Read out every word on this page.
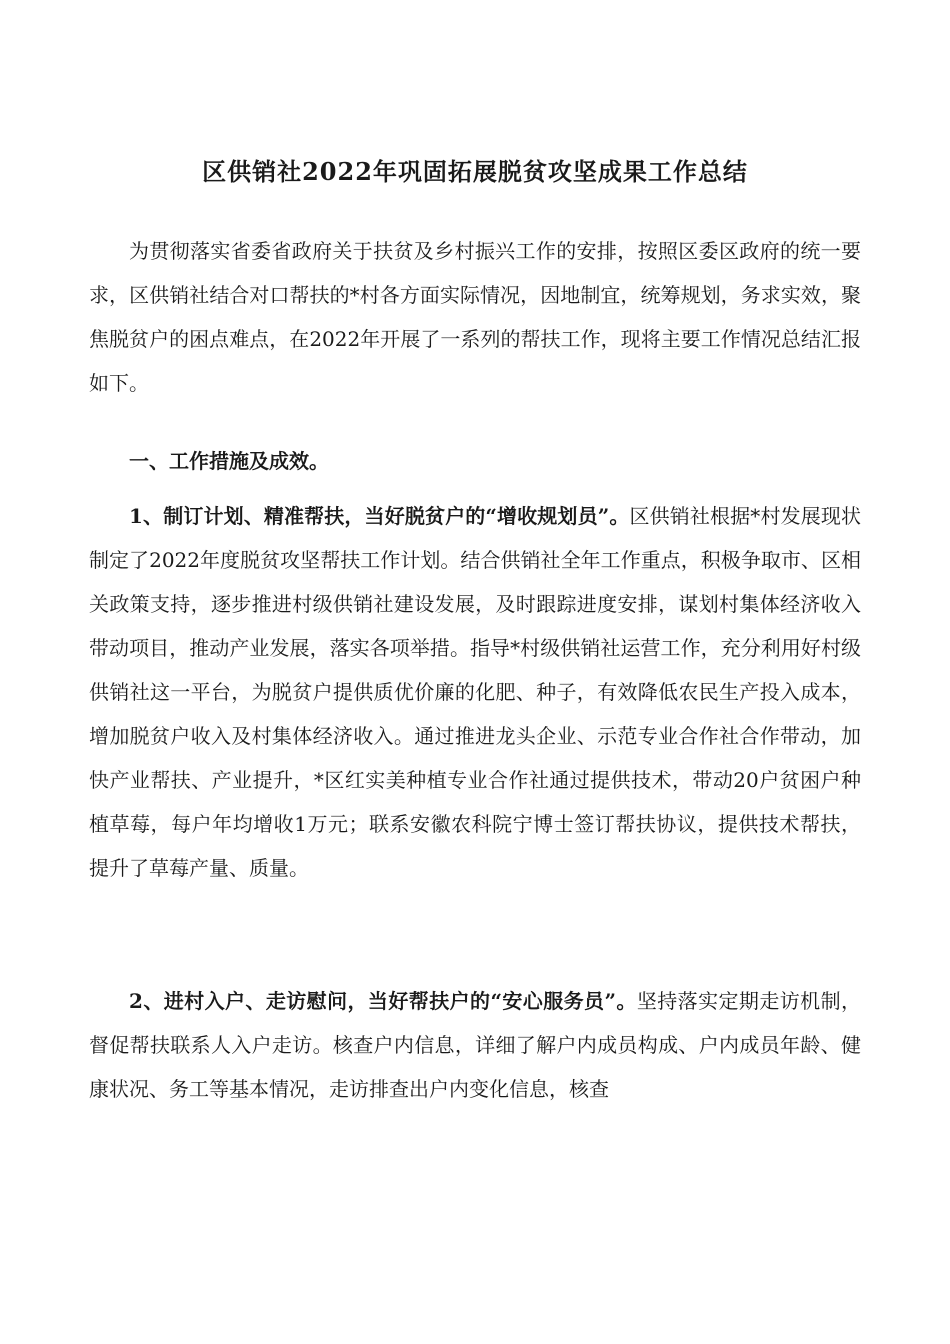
区供销社2022年巩固拓展脱贫攻坚成果工作总结

为贯彻落实省委省政府关于扶贫及乡村振兴工作的安排，按照区委区政府的统一要求，区供销社结合对口帮扶的*村各方面实际情况，因地制宜，统筹规划，务求实效，聚焦脱贫户的困点难点，在2022年开展了一系列的帮扶工作，现将主要工作情况总结汇报如下。

一、工作措施及成效。

1、制订计划、精准帮扶，当好脱贫户的“增收规划员”。区供销社根据*村发展现状制定了2022年度脱贫攻坚帮扶工作计划。结合供销社全年工作重点，积极争取市、区相关政策支持，逐步推进村级供销社建设发展，及时跟踪进度安排，谋划村集体经济收入带动项目，推动产业发展，落实各项举措。指导*村级供销社运营工作，充分利用好村级供销社这一平台，为脱贫户提供质优价廉的化肥、种子，有效降低农民生产投入成本，增加脱贫户收入及村集体经济收入。通过推进龙头企业、示范专业合作社合作带动，加快产业帮扶、产业提升，*区红实美种植专业合作社通过提供技术，带动20户贫困户种植草莓，每户年均增收1万元；联系安徽农科院宁博士签订帮扶协议，提供技术帮扶，提升了草莓产量、质量。

2、进村入户、走访慰问，当好帮扶户的“安心服务员”。坚持落实定期走访机制，督促帮扶联系人入户走访。核查户内信息，详细了解户内成员构成、户内成员年龄、健康状况、务工等基本情况，走访排查出户内变化信息，核查
